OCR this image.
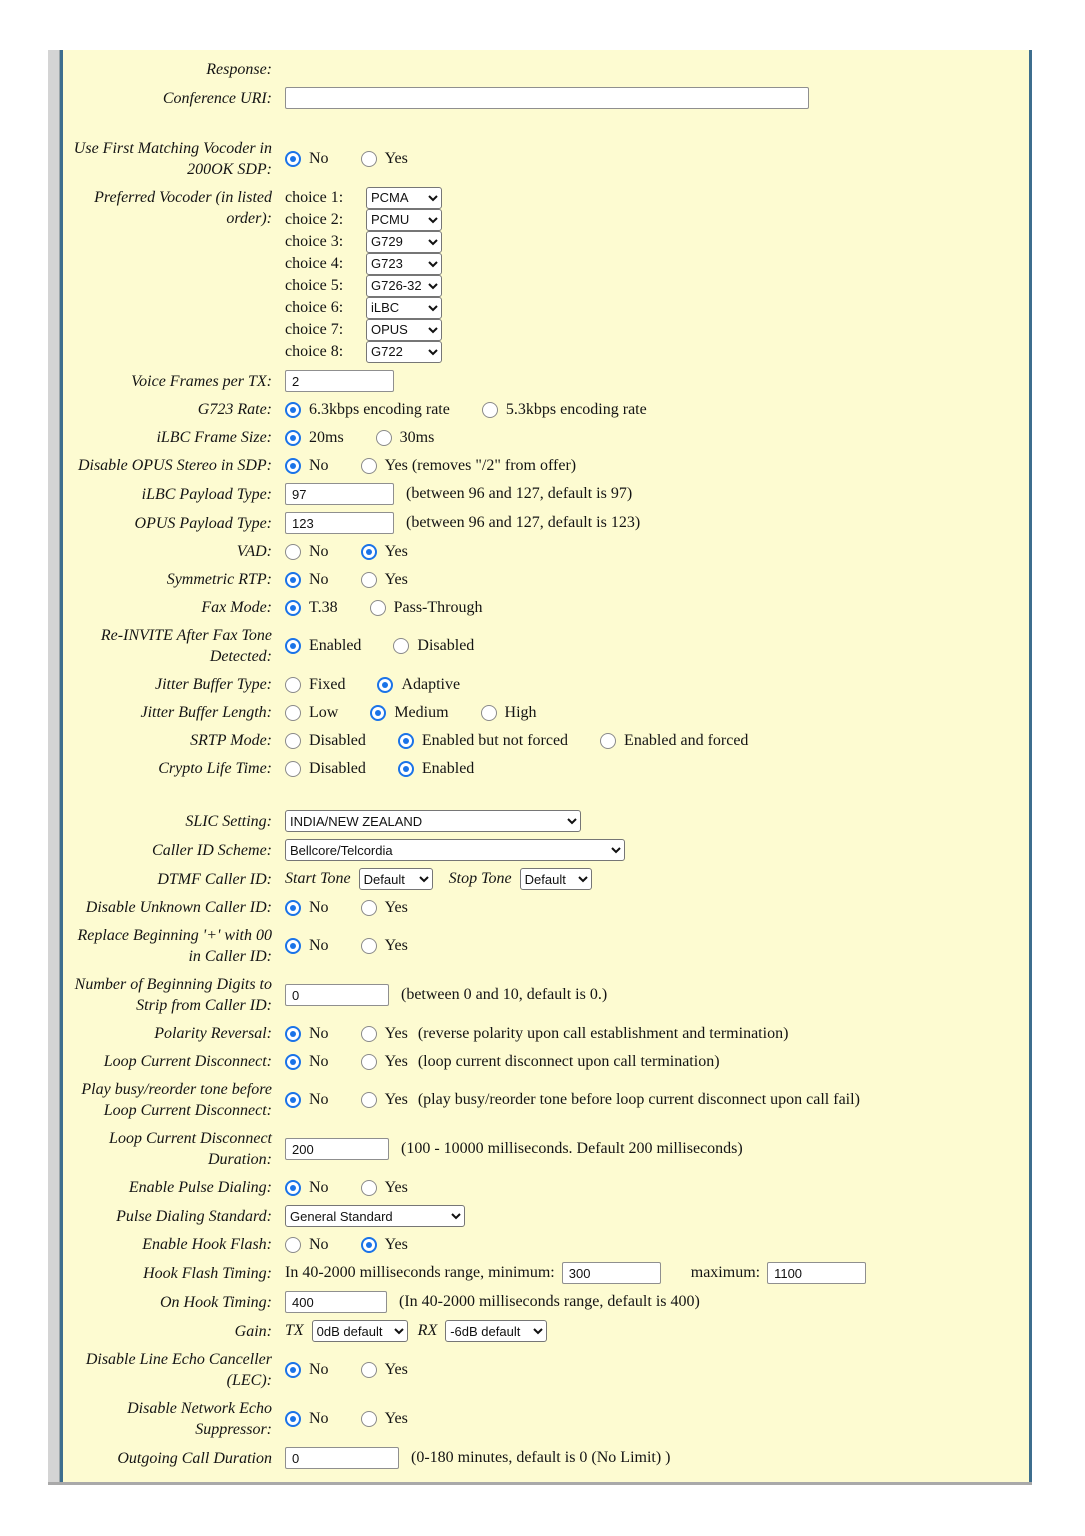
Response:
Conference URI:
Use First Matching Vocoder in 200OK SDP:
No	Yes
Preferred Vocoder (in listed order):
choice 1:
PCMA
choice 2:
PCMU
choice 3:
G729
choice 4:
G723
choice 5:
G726-32
choice 6:
iLBC
choice 7:
OPUS
choice 8:
G722
Voice Frames per TX:
2
G723 Rate: 6.3kbps encoding rate	5.3kbps encoding rate
iLBC Frame Size: 20ms	30ms
Disable OPUS Stereo in SDP: No	Yes (removes "/2" from offer)
iLBC Payload Type:
97	(between 96 and 127, default is 97)
OPUS Payload Type:
123	(between 96 and 127, default is 123)
VAD: No	Yes
Symmetric RTP: No	Yes
Fax Mode: T.38	Pass-Through
Re-INVITE After Fax Tone Detected:
Enabled	Disabled
Jitter Buffer Type: Fixed	Adaptive
Jitter Buffer Length: Low	Medium	High
SRTP Mode: Disabled	Enabled but not forced	Enabled and forced
Crypto Life Time: Disabled	Enabled
SLIC Setting:
INDIA/NEW ZEALAND
Caller ID Scheme:
Bellcore/Telcordia
DTMF Caller ID: Start Tone
Default	Stop Tone
Default
Disable Unknown Caller ID: No	Yes
Replace Beginning '+' with 00 in Caller ID:
No	Yes
Number of Beginning Digits to Strip from Caller ID:
0
(between 0 and 10, default is 0.)
Polarity Reversal: No	Yes (reverse polarity upon call establishment and termination)
Loop Current Disconnect: No	Yes (loop current disconnect upon call termination)
Play busy/reorder tone before Loop Current Disconnect:
No	Yes (play busy/reorder tone before loop current disconnect upon call fail)
Loop Current Disconnect Duration:
200
(100 - 10000 milliseconds. Default 200 milliseconds)
Enable Pulse Dialing: No	Yes
Pulse Dialing Standard:
General Standard
Enable Hook Flash: No	Yes
Hook Flash Timing: In 40-2000 milliseconds range, minimum:
300	maximum:
1100
On Hook Timing:
400	(In 40-2000 milliseconds range, default is 400)
Gain: TX
0dB default	RX
-6dB default
Disable Line Echo Canceller (LEC):
No	Yes
Disable Network Echo Suppressor:
No	Yes
Outgoing Call Duration
0	(0-180 minutes, default is 0 (No Limit) )
